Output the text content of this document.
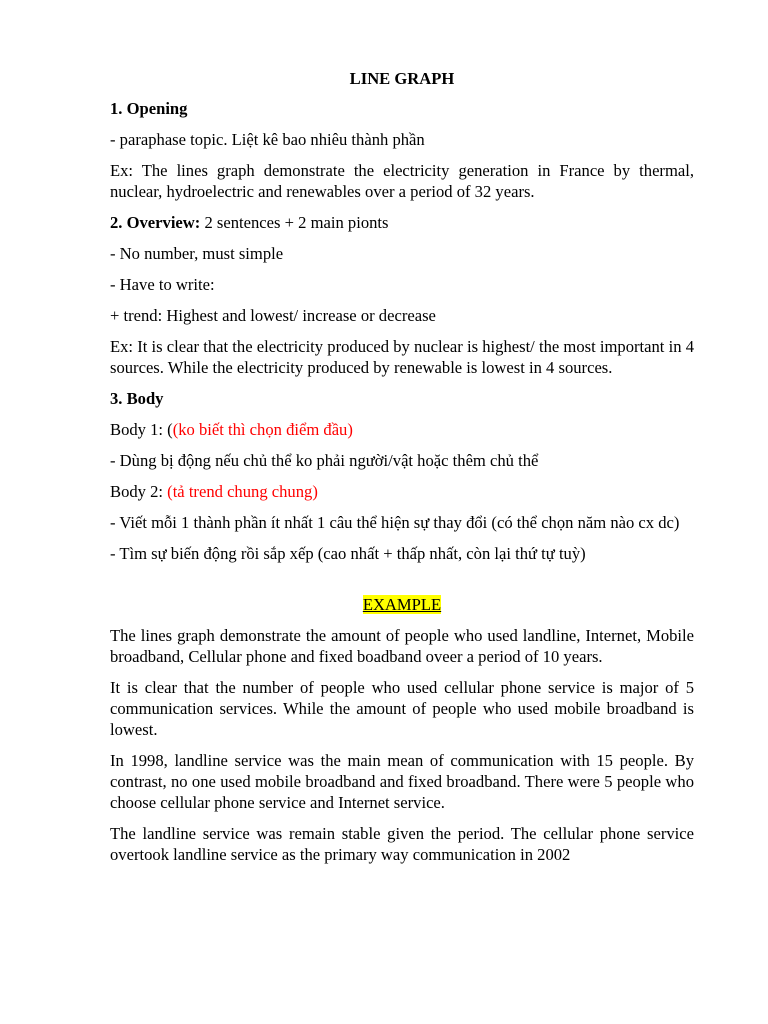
LINE GRAPH

1. Opening

- paraphase topic. Liệt kê bao nhiêu thành phần

Ex: The lines graph demonstrate the electricity generation in France by thermal, nuclear, hydroelectric and renewables over a period of 32 years.

2. Overview: 2 sentences + 2 main pionts

- No number, must simple

- Have to write:

+ trend: Highest and lowest/ increase or decrease

Ex: It is clear that the electricity produced by nuclear is highest/ the most important in 4 sources. While the electricity produced by renewable is lowest in 4 sources.

3. Body

Body 1: ((ko biết thì chọn điểm đầu)

- Dùng bị động nếu chủ thể ko phải người/vật hoặc thêm chủ thể

Body 2: (tả trend chung chung)

- Viết mỗi 1 thành phần ít nhất 1 câu thể hiện sự thay đổi (có thể chọn năm nào cx dc)

- Tìm sự biến động rồi sắp xếp (cao nhất + thấp nhất, còn lại thứ tự tuỳ)

EXAMPLE

The lines graph demonstrate the amount of people who used landline, Internet, Mobile broadband, Cellular phone and fixed boadband oveer a period of 10 years.

It is clear that the number of people who used cellular phone service is major of 5 communication services. While the amount of people who used mobile broadband is lowest.

In 1998, landline service was the main mean of communication with 15 people. By contrast, no one used mobile broadband and fixed broadband. There were 5 people who choose cellular phone service and Internet service.

The landline service was remain stable given the period. The cellular phone service overtook landline service as the primary way communication in 2002
